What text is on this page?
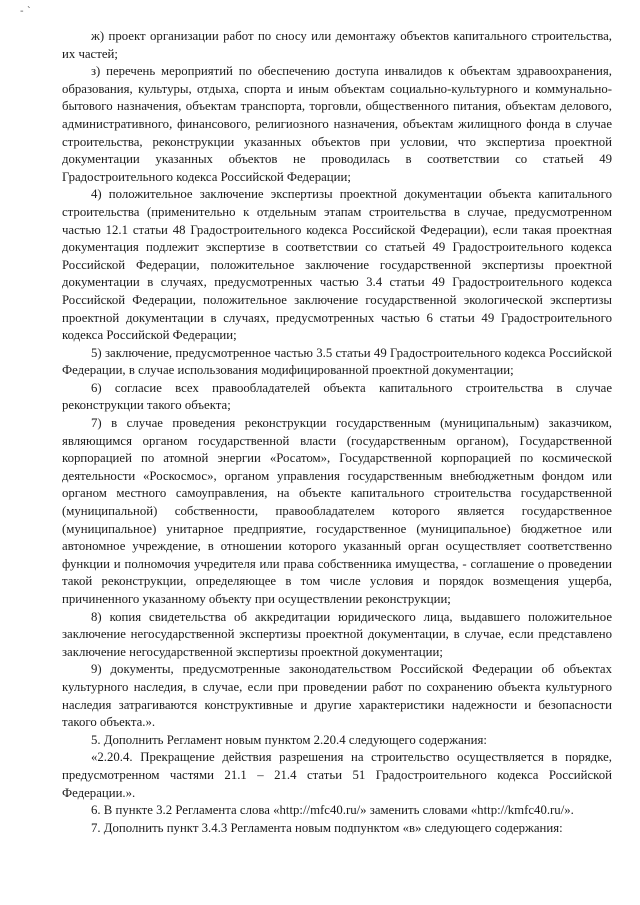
- `

ж) проект организации работ по сносу или демонтажу объектов капитального строительства, их частей;

з) перечень мероприятий по обеспечению доступа инвалидов к объектам здравоохранения, образования, культуры, отдыха, спорта и иным объектам социально-культурного и коммунально-бытового назначения, объектам транспорта, торговли, общественного питания, объектам делового, административного, финансового, религиозного назначения, объектам жилищного фонда в случае строительства, реконструкции указанных объектов при условии, что экспертиза проектной документации указанных объектов не проводилась в соответствии со статьей 49 Градостроительного кодекса Российской Федерации;

4) положительное заключение экспертизы проектной документации объекта капитального строительства (применительно к отдельным этапам строительства в случае, предусмотренном частью 12.1 статьи 48 Градостроительного кодекса Российской Федерации), если такая проектная документация подлежит экспертизе в соответствии со статьей 49 Градостроительного кодекса Российской Федерации, положительное заключение государственной экспертизы проектной документации в случаях, предусмотренных частью 3.4 статьи 49 Градостроительного кодекса Российской Федерации, положительное заключение государственной экологической экспертизы проектной документации в случаях, предусмотренных частью 6 статьи 49 Градостроительного кодекса Российской Федерации;

5) заключение, предусмотренное частью 3.5 статьи 49 Градостроительного кодекса Российской Федерации, в случае использования модифицированной проектной документации;

6) согласие всех правообладателей объекта капитального строительства в случае реконструкции такого объекта;

7) в случае проведения реконструкции государственным (муниципальным) заказчиком, являющимся органом государственной власти (государственным органом), Государственной корпорацией по атомной энергии «Росатом», Государственной корпорацией по космической деятельности «Роскосмос», органом управления государственным внебюджетным фондом или органом местного самоуправления, на объекте капитального строительства государственной (муниципальной) собственности, правообладателем которого является государственное (муниципальное) унитарное предприятие, государственное (муниципальное) бюджетное или автономное учреждение, в отношении которого указанный орган осуществляет соответственно функции и полномочия учредителя или права собственника имущества, - соглашение о проведении такой реконструкции, определяющее в том числе условия и порядок возмещения ущерба, причиненного указанному объекту при осуществлении реконструкции;

8) копия свидетельства об аккредитации юридического лица, выдавшего положительное заключение негосударственной экспертизы проектной документации, в случае, если представлено заключение негосударственной экспертизы проектной документации;

9) документы, предусмотренные законодательством Российской Федерации об объектах культурного наследия, в случае, если при проведении работ по сохранению объекта культурного наследия затрагиваются конструктивные и другие характеристики надежности и безопасности такого объекта.».

5. Дополнить Регламент новым пунктом 2.20.4 следующего содержания:

«2.20.4. Прекращение действия разрешения на строительство осуществляется в порядке, предусмотренном частями 21.1 – 21.4 статьи 51 Градостроительного кодекса Российской Федерации.».

6. В пункте 3.2 Регламента слова «http://mfc40.ru/» заменить словами «http://kmfc40.ru/».

7. Дополнить пункт 3.4.3 Регламента новым подпунктом «в» следующего содержания:
